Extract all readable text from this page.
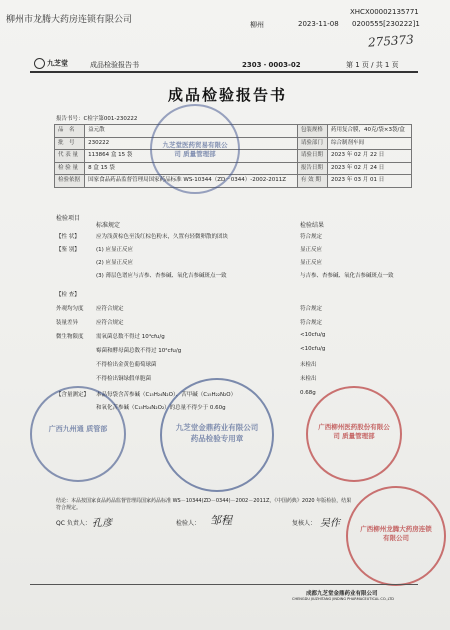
柳州市龙腾大药房连锁有限公司
XHCX00002135771
柳州	2023-11-08 0200555[230222]1
275373
九芝堂	成品检验报告书	2303・0003-02	第 1 页 / 共 1 页
成品检验报告书
报告书号：C检字第001-230222
品　名	益元散	包装规格	药用复合膜，40克/袋×3袋/盒
批　号	230222	请验部门	综合制剂车间
代 表 量	113864 盒 15 袋	请验日期	2023 年 02 月 22 日
检 验 量	8 盒 15 袋	报告日期	2023 年 02 月 24 日
检验依据	国家食品药品监督管理局国家药品标准 WS-10344（ZD－0344）-2002-2011Z	有 效 期	2023 年 03 月 01 日
检验项目
标准规定	检验结果
【性 状】	应为浅黄棕色至浅红棕色粉末，久置有轻微卵散的团块	符合规定
【鉴 别】	(1) 应显正反应	显正反应
(2) 应显正反应	显正反应
(3) 薄层色谱应与吉参、杏参碱、氧化吉参碱斑点一致	与吉参、杏参碱、氧化吉参碱斑点一致
【检 查】
外观均匀度 应符合规定	符合规定
装量差异	应符合规定	符合规定
微生物限度 需氧菌总数不得过 10⁴cfu/g	<10cfu/g
霉菌和酵母菌总数不得过 10²cfu/g	<10cfu/g
不得检出金黄色葡萄球菌	未检出
不得检出铜绿假单胞菌	未检出
【含量测定】 本品每袋含苦参碱（C₁₅H₂₄N₂O）、苦甲碱（C₁₅H₂₂N₂O）	0.68g
和氧化苦参碱（C₁₅H₂₄N₂O₂）的总量不得少于 0.60g
九芝堂医药贸易有限公司 质量管理部
广西九州通 质管部	九芝堂金鼎药业有限公司 药品检验专用章
广西柳州医药股份有限公司 质量管理部
广西柳州龙腾大药房连锁有限公司
结论：本品按国家食品药品监督管理局国家药品标准 WS－10344(ZD－0344)－2002－2011Z，《中国药典》2020 年版检验，结果符合规定。
QC 负责人： 孔彦	检验人： 邹程	复核人： 吴作
成都九芝堂金鼎药业有限公司
CHENGDU JIUZHITANG JINDING PHARMACEUTICAL CO.,LTD
